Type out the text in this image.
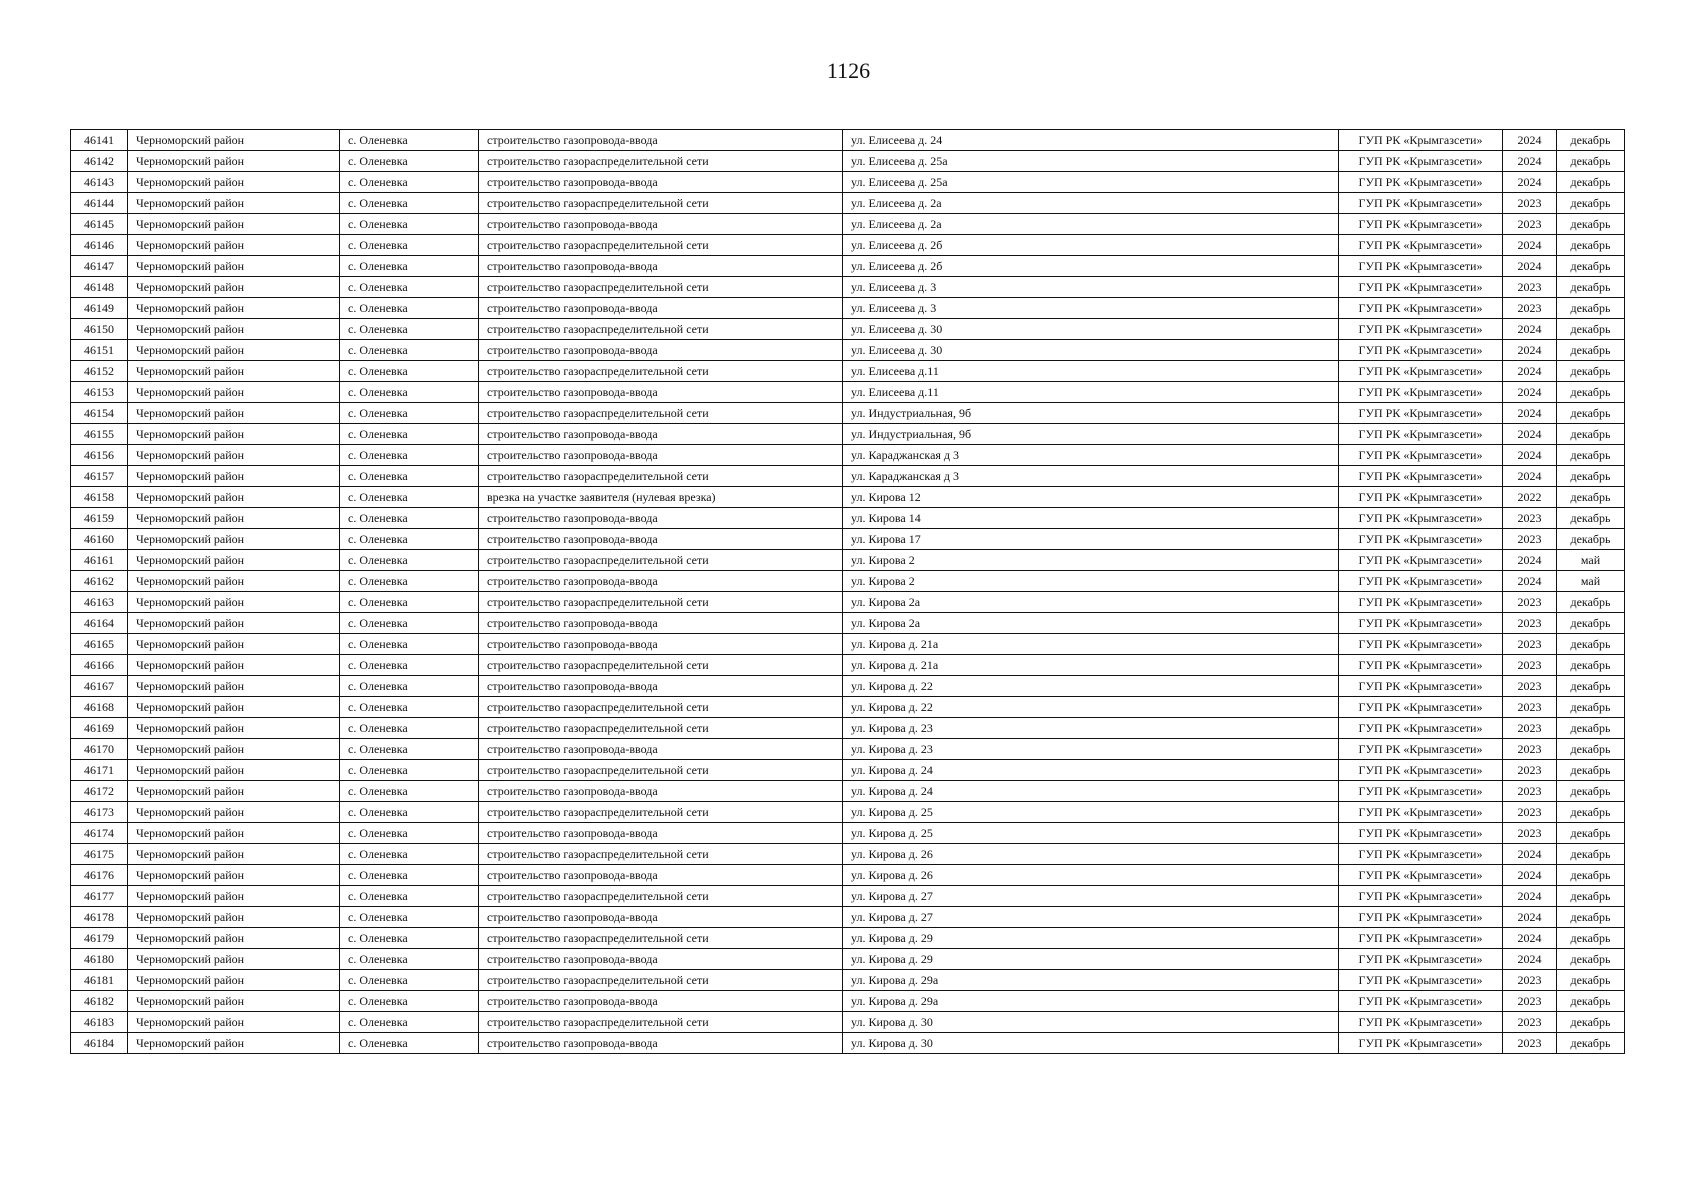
1126
46141	Черноморский район	с. Оленевка	строительство газопровода-ввода	ул. Елисеева д. 24	ГУП РК «Крымгазсети»	2024	декабрь
46142	Черноморский район	с. Оленевка	строительство газораспределительной сети	ул. Елисеева д. 25а	ГУП РК «Крымгазсети»	2024	декабрь
46143	Черноморский район	с. Оленевка	строительство газопровода-ввода	ул. Елисеева д. 25а	ГУП РК «Крымгазсети»	2024	декабрь
46144	Черноморский район	с. Оленевка	строительство газораспределительной сети	ул. Елисеева д. 2а	ГУП РК «Крымгазсети»	2023	декабрь
46145	Черноморский район	с. Оленевка	строительство газопровода-ввода	ул. Елисеева д. 2а	ГУП РК «Крымгазсети»	2023	декабрь
46146	Черноморский район	с. Оленевка	строительство газораспределительной сети	ул. Елисеева д. 2б	ГУП РК «Крымгазсети»	2024	декабрь
46147	Черноморский район	с. Оленевка	строительство газопровода-ввода	ул. Елисеева д. 2б	ГУП РК «Крымгазсети»	2024	декабрь
46148	Черноморский район	с. Оленевка	строительство газораспределительной сети	ул. Елисеева д. 3	ГУП РК «Крымгазсети»	2023	декабрь
46149	Черноморский район	с. Оленевка	строительство газопровода-ввода	ул. Елисеева д. 3	ГУП РК «Крымгазсети»	2023	декабрь
46150	Черноморский район	с. Оленевка	строительство газораспределительной сети	ул. Елисеева д. 30	ГУП РК «Крымгазсети»	2024	декабрь
46151	Черноморский район	с. Оленевка	строительство газопровода-ввода	ул. Елисеева д. 30	ГУП РК «Крымгазсети»	2024	декабрь
46152	Черноморский район	с. Оленевка	строительство газораспределительной сети	ул. Елисеева д.11	ГУП РК «Крымгазсети»	2024	декабрь
46153	Черноморский район	с. Оленевка	строительство газопровода-ввода	ул. Елисеева д.11	ГУП РК «Крымгазсети»	2024	декабрь
46154	Черноморский район	с. Оленевка	строительство газораспределительной сети	ул. Индустриальная, 9б	ГУП РК «Крымгазсети»	2024	декабрь
46155	Черноморский район	с. Оленевка	строительство газопровода-ввода	ул. Индустриальная, 9б	ГУП РК «Крымгазсети»	2024	декабрь
46156	Черноморский район	с. Оленевка	строительство газопровода-ввода	ул. Караджанская д 3	ГУП РК «Крымгазсети»	2024	декабрь
46157	Черноморский район	с. Оленевка	строительство газораспределительной сети	ул. Караджанская д 3	ГУП РК «Крымгазсети»	2024	декабрь
46158	Черноморский район	с. Оленевка	врезка на участке заявителя (нулевая врезка)	ул. Кирова 12	ГУП РК «Крымгазсети»	2022	декабрь
46159	Черноморский район	с. Оленевка	строительство газопровода-ввода	ул. Кирова 14	ГУП РК «Крымгазсети»	2023	декабрь
46160	Черноморский район	с. Оленевка	строительство газопровода-ввода	ул. Кирова 17	ГУП РК «Крымгазсети»	2023	декабрь
46161	Черноморский район	с. Оленевка	строительство газораспределительной сети	ул. Кирова 2	ГУП РК «Крымгазсети»	2024	май
46162	Черноморский район	с. Оленевка	строительство газопровода-ввода	ул. Кирова 2	ГУП РК «Крымгазсети»	2024	май
46163	Черноморский район	с. Оленевка	строительство газораспределительной сети	ул. Кирова 2а	ГУП РК «Крымгазсети»	2023	декабрь
46164	Черноморский район	с. Оленевка	строительство газопровода-ввода	ул. Кирова 2а	ГУП РК «Крымгазсети»	2023	декабрь
46165	Черноморский район	с. Оленевка	строительство газопровода-ввода	ул. Кирова д. 21а	ГУП РК «Крымгазсети»	2023	декабрь
46166	Черноморский район	с. Оленевка	строительство газораспределительной сети	ул. Кирова д. 21а	ГУП РК «Крымгазсети»	2023	декабрь
46167	Черноморский район	с. Оленевка	строительство газопровода-ввода	ул. Кирова д. 22	ГУП РК «Крымгазсети»	2023	декабрь
46168	Черноморский район	с. Оленевка	строительство газораспределительной сети	ул. Кирова д. 22	ГУП РК «Крымгазсети»	2023	декабрь
46169	Черноморский район	с. Оленевка	строительство газораспределительной сети	ул. Кирова д. 23	ГУП РК «Крымгазсети»	2023	декабрь
46170	Черноморский район	с. Оленевка	строительство газопровода-ввода	ул. Кирова д. 23	ГУП РК «Крымгазсети»	2023	декабрь
46171	Черноморский район	с. Оленевка	строительство газораспределительной сети	ул. Кирова д. 24	ГУП РК «Крымгазсети»	2023	декабрь
46172	Черноморский район	с. Оленевка	строительство газопровода-ввода	ул. Кирова д. 24	ГУП РК «Крымгазсети»	2023	декабрь
46173	Черноморский район	с. Оленевка	строительство газораспределительной сети	ул. Кирова д. 25	ГУП РК «Крымгазсети»	2023	декабрь
46174	Черноморский район	с. Оленевка	строительство газопровода-ввода	ул. Кирова д. 25	ГУП РК «Крымгазсети»	2023	декабрь
46175	Черноморский район	с. Оленевка	строительство газораспределительной сети	ул. Кирова д. 26	ГУП РК «Крымгазсети»	2024	декабрь
46176	Черноморский район	с. Оленевка	строительство газопровода-ввода	ул. Кирова д. 26	ГУП РК «Крымгазсети»	2024	декабрь
46177	Черноморский район	с. Оленевка	строительство газораспределительной сети	ул. Кирова д. 27	ГУП РК «Крымгазсети»	2024	декабрь
46178	Черноморский район	с. Оленевка	строительство газопровода-ввода	ул. Кирова д. 27	ГУП РК «Крымгазсети»	2024	декабрь
46179	Черноморский район	с. Оленевка	строительство газораспределительной сети	ул. Кирова д. 29	ГУП РК «Крымгазсети»	2024	декабрь
46180	Черноморский район	с. Оленевка	строительство газопровода-ввода	ул. Кирова д. 29	ГУП РК «Крымгазсети»	2024	декабрь
46181	Черноморский район	с. Оленевка	строительство газораспределительной сети	ул. Кирова д. 29а	ГУП РК «Крымгазсети»	2023	декабрь
46182	Черноморский район	с. Оленевка	строительство газопровода-ввода	ул. Кирова д. 29а	ГУП РК «Крымгазсети»	2023	декабрь
46183	Черноморский район	с. Оленевка	строительство газораспределительной сети	ул. Кирова д. 30	ГУП РК «Крымгазсети»	2023	декабрь
46184	Черноморский район	с. Оленевка	строительство газопровода-ввода	ул. Кирова д. 30	ГУП РК «Крымгазсети»	2023	декабрь
